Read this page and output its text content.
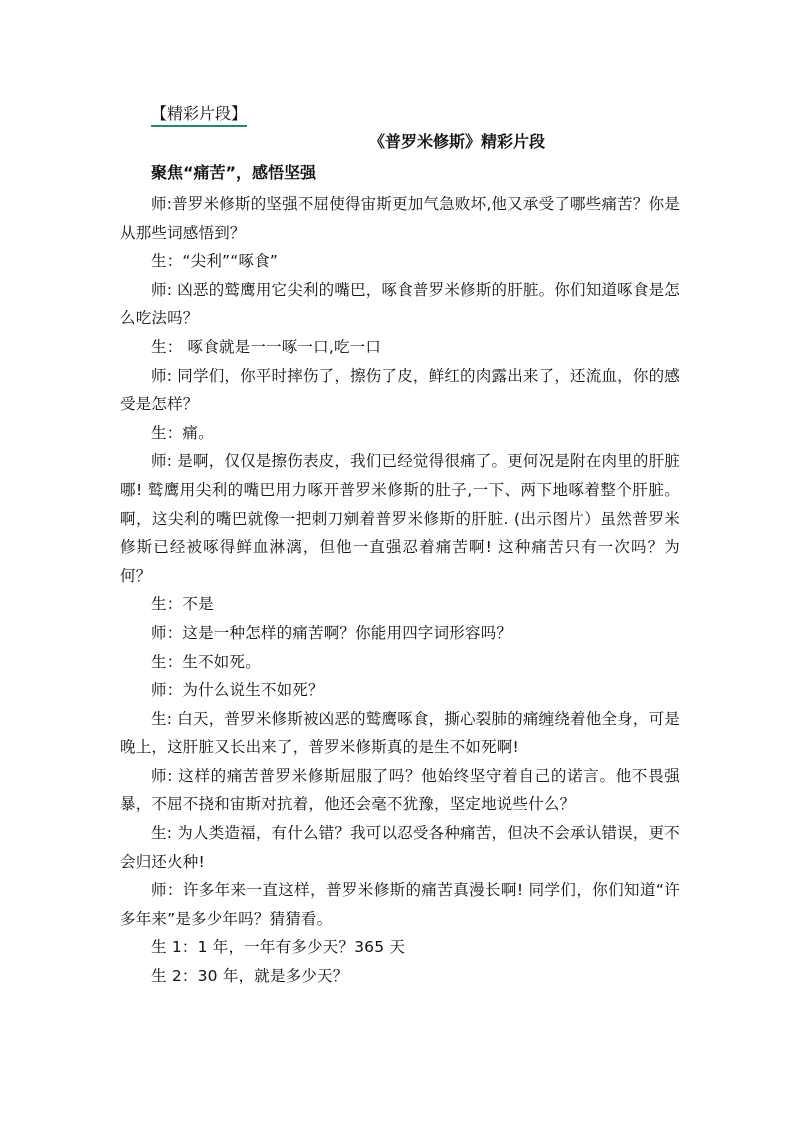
【精彩片段】
《普罗米修斯》精彩片段
聚焦“痛苦”，感悟坚强

师:普罗米修斯的坚强不屈使得宙斯更加气急败坏,他又承受了哪些痛苦？你是从那些词感悟到？

生：“尖利”“啄食”

师: 凶恶的鹫鹰用它尖利的嘴巴，啄食普罗米修斯的肝脏。你们知道啄食是怎么吃法吗？

生： 啄食就是一一啄一口,吃一口

师: 同学们，你平时摔伤了，擦伤了皮，鲜红的肉露出来了，还流血，你的感受是怎样？

生：痛。

师: 是啊，仅仅是擦伤表皮，我们已经觉得很痛了。更何况是附在肉里的肝脏哪! 鹫鹰用尖利的嘴巴用力啄开普罗米修斯的肚子,一下、两下地啄着整个肝脏。啊，这尖利的嘴巴就像一把刺刀剜着普罗米修斯的肝脏. (出示图片）虽然普罗米修斯已经被啄得鲜血淋漓，但他一直强忍着痛苦啊! 这种痛苦只有一次吗？为何？

生：不是

师：这是一种怎样的痛苦啊？你能用四字词形容吗？

生：生不如死。

师：为什么说生不如死？

生: 白天，普罗米修斯被凶恶的鹫鹰啄食，撕心裂肺的痛缠绕着他全身，可是晚上，这肝脏又长出来了，普罗米修斯真的是生不如死啊!

师: 这样的痛苦普罗米修斯屈服了吗？他始终坚守着自己的诺言。他不畏强暴，不屈不挠和宙斯对抗着，他还会毫不犹豫，坚定地说些什么？

生: 为人类造福，有什么错？我可以忍受各种痛苦，但决不会承认错误，更不会归还火种!

师：许多年来一直这样，普罗米修斯的痛苦真漫长啊! 同学们，你们知道“许多年来”是多少年吗？猜猜看。

生 1：1 年，一年有多少天？365 天

生 2：30 年，就是多少天？
